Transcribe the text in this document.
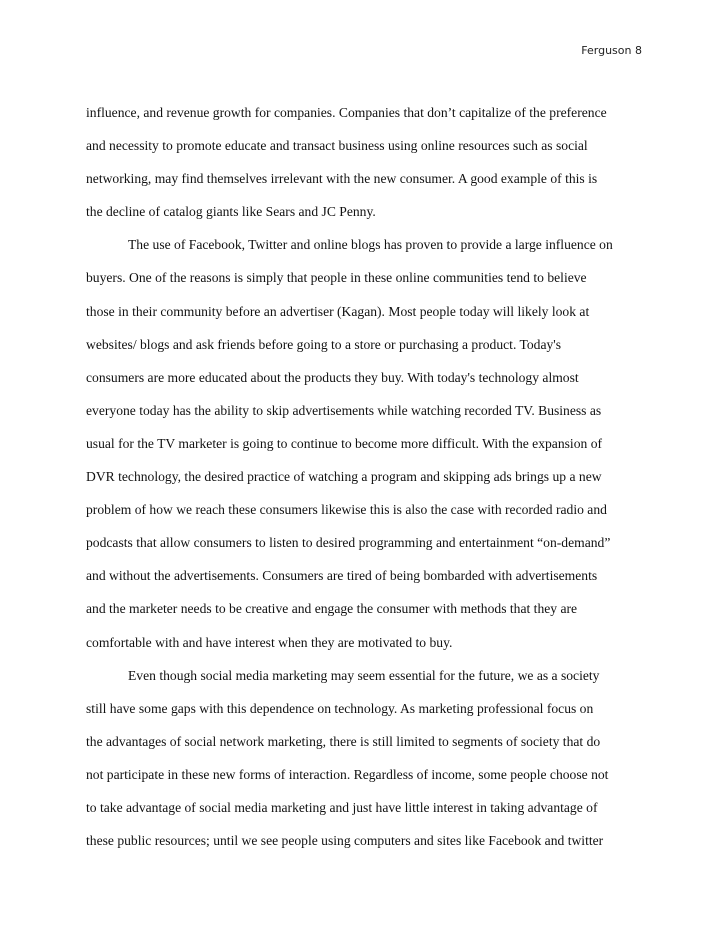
Ferguson 8
influence, and revenue growth for companies. Companies that don’t capitalize of the preference
and necessity to promote educate and transact business using online resources such as social
networking, may find themselves irrelevant with the new consumer. A good example of this is
the decline of catalog giants like Sears and JC Penny.
The use of Facebook, Twitter and online blogs has proven to provide a large influence on
buyers. One of the reasons is simply that people in these online communities tend to believe
those in their community before an advertiser (Kagan). Most people today will likely look at
websites/ blogs and ask friends before going to a store or purchasing a product. Today's
consumers are more educated about the products they buy. With today's technology almost
everyone today has the ability to skip advertisements while watching recorded TV. Business as
usual for the TV marketer is going to continue to become more difficult. With the expansion of
DVR technology, the desired practice of watching a program and skipping ads brings up a new
problem of how we reach these consumers likewise this is also the case with recorded radio and
podcasts that allow consumers to listen to desired programming and entertainment “on-demand”
and without the advertisements. Consumers are tired of being bombarded with advertisements
and the marketer needs to be creative and engage the consumer with methods that they are
comfortable with and have interest when they are motivated to buy.
Even though social media marketing may seem essential for the future, we as a society
still have some gaps with this dependence on technology. As marketing professional focus on
the advantages of social network marketing, there is still limited to segments of society that do
not participate in these new forms of interaction. Regardless of income, some people choose not
to take advantage of social media marketing and just have little interest in taking advantage of
these public resources; until we see people using computers and sites like Facebook and twitter
